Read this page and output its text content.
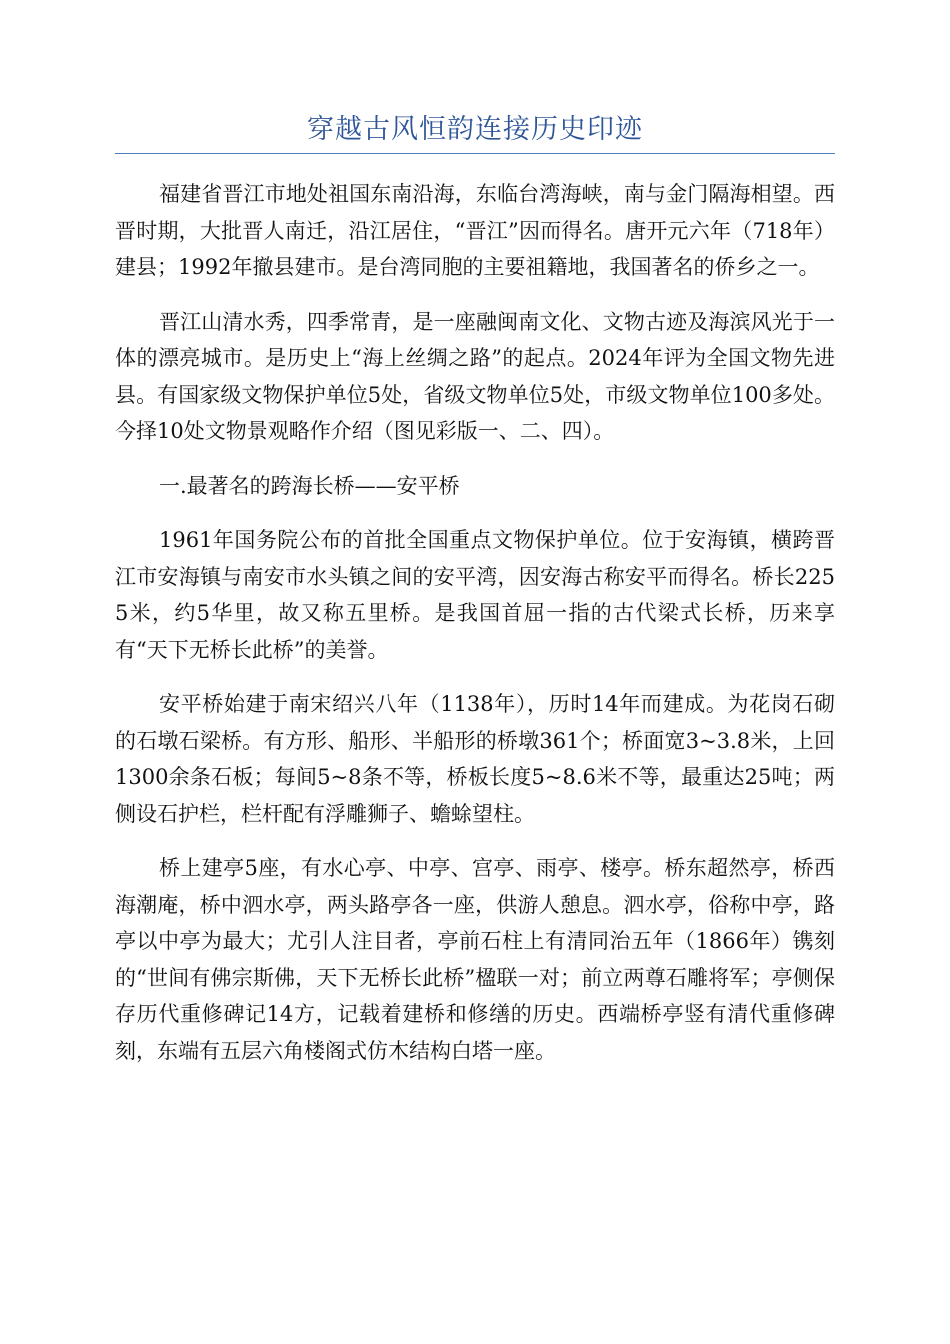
穿越古风恒韵连接历史印迹

福建省晋江市地处祖国东南沿海，东临台湾海峡，南与金门隔海相望。西晋时期，大批晋人南迁，沿江居住，“晋江”因而得名。唐开元六年（718年）建县；1992年撤县建市。是台湾同胞的主要祖籍地，我国著名的侨乡之一。

晋江山清水秀，四季常青，是一座融闽南文化、文物古迹及海滨风光于一体的漂亮城市。是历史上“海上丝绸之路”的起点。2024年评为全国文物先进县。有国家级文物保护单位5处，省级文物单位5处，市级文物单位100多处。今择10处文物景观略作介绍（图见彩版一、二、四）。

一.最著名的跨海长桥——安平桥

1961年国务院公布的首批全国重点文物保护单位。位于安海镇，横跨晋江市安海镇与南安市水头镇之间的安平湾，因安海古称安平而得名。桥长2255米，约5华里，故又称五里桥。是我国首屈一指的古代梁式长桥，历来享有“天下无桥长此桥”的美誉。

安平桥始建于南宋绍兴八年（1138年），历时14年而建成。为花岗石砌的石墩石梁桥。有方形、船形、半船形的桥墩361个；桥面宽3~3.8米，上回1300余条石板；每间5~8条不等，桥板长度5~8.6米不等，最重达25吨；两侧设石护栏，栏杆配有浮雕狮子、蟾蜍望柱。

桥上建亭5座，有水心亭、中亭、宫亭、雨亭、楼亭。桥东超然亭，桥西海潮庵，桥中泗水亭，两头路亭各一座，供游人憩息。泗水亭，俗称中亭，路亭以中亭为最大；尤引人注目者，亭前石柱上有清同治五年（1866年）镌刻的“世间有佛宗斯佛，天下无桥长此桥”楹联一对；前立两尊石雕将军；亭侧保存历代重修碑记14方，记载着建桥和修缮的历史。西端桥亭竖有清代重修碑刻，东端有五层六角楼阁式仿木结构白塔一座。
